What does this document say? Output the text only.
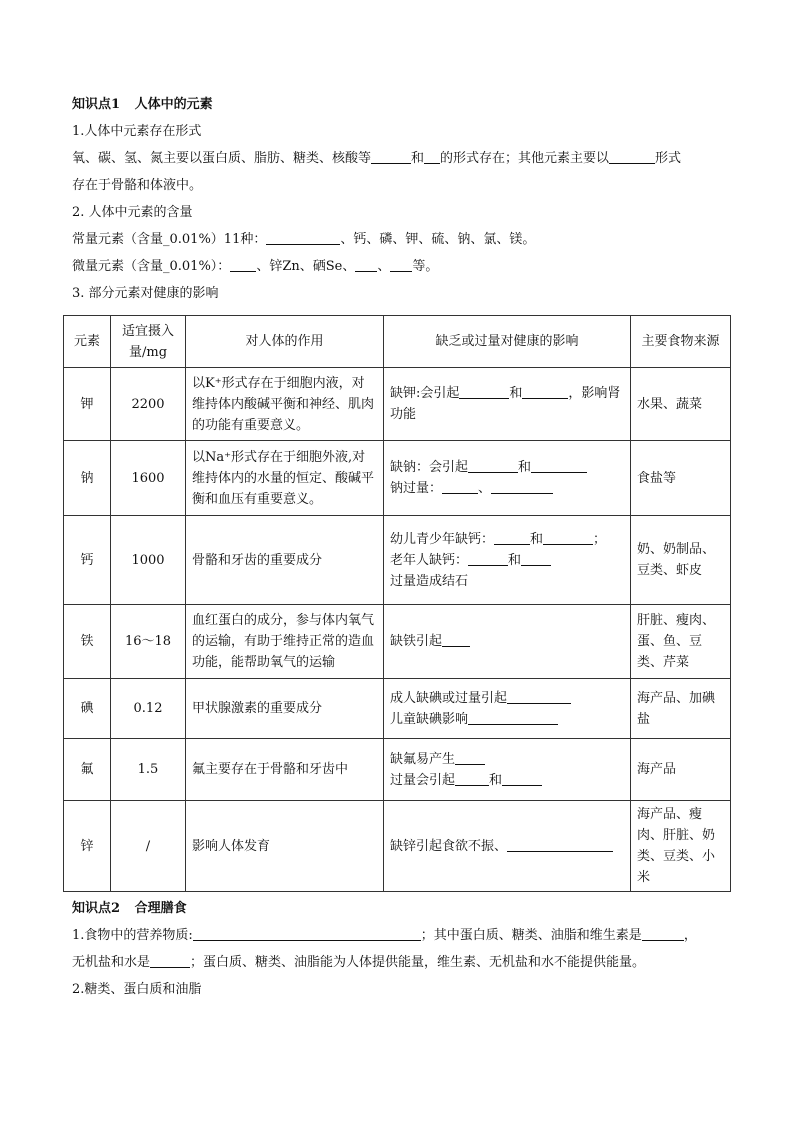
知识点1 人体中的元素
1.人体中元素存在形式
氧、碳、氢、氮主要以蛋白质、脂肪、糖类、核酸等	和 的形式存在；其他元素主要以	形式
存在于骨骼和体液中。
2. 人体中元素的含量
常量元素（含量_0.01%）11种：	、钙、磷、钾、硫、钠、氯、镁。
微量元素（含量_0.01%）： 、锌Zn、硒Se、 、 等。
3. 部分元素对健康的影响
元素	适宜摄入量/mg	对人体的作用	缺乏或过量对健康的影响	主要食物来源
钾	2200	以K⁺形式存在于细胞内液，对维持体内酸碱平衡和神经、肌肉的功能有重要意义。	缺钾:会引起 和 ，影响肾功能	水果、蔬菜
钠	1600	以Na⁺形式存在于细胞外液,对维持体内的水量的恒定、酸碱平衡和血压有重要意义。	缺钠：会引起 和
钠过量： 、	食盐等
钙	1000	骨骼和牙齿的重要成分	幼儿青少年缺钙： 和 ；
老年人缺钙： 和
过量造成结石	奶、奶制品、豆类、虾皮
铁	16～18	血红蛋白的成分，参与体内氧气的运输，有助于维持正常的造血功能，能帮助氧气的运输	缺铁引起	肝脏、瘦肉、蛋、鱼、豆类、芹菜
碘	0.12	甲状腺激素的重要成分	成人缺碘或过量引起
儿童缺碘影响	海产品、加碘盐
氟	1.5	氟主要存在于骨骼和牙齿中	缺氟易产生
过量会引起 和	海产品
锌	/	影响人体发育	缺锌引起食欲不振、	海产品、瘦肉、肝脏、奶类、豆类、小米
知识点2 合理膳食
1.食物中的营养物质:	；其中蛋白质、糖类、油脂和维生素是	，
无机盐和水是	；蛋白质、糖类、油脂能为人体提供能量，维生素、无机盐和水不能提供能量。
2.糖类、蛋白质和油脂
